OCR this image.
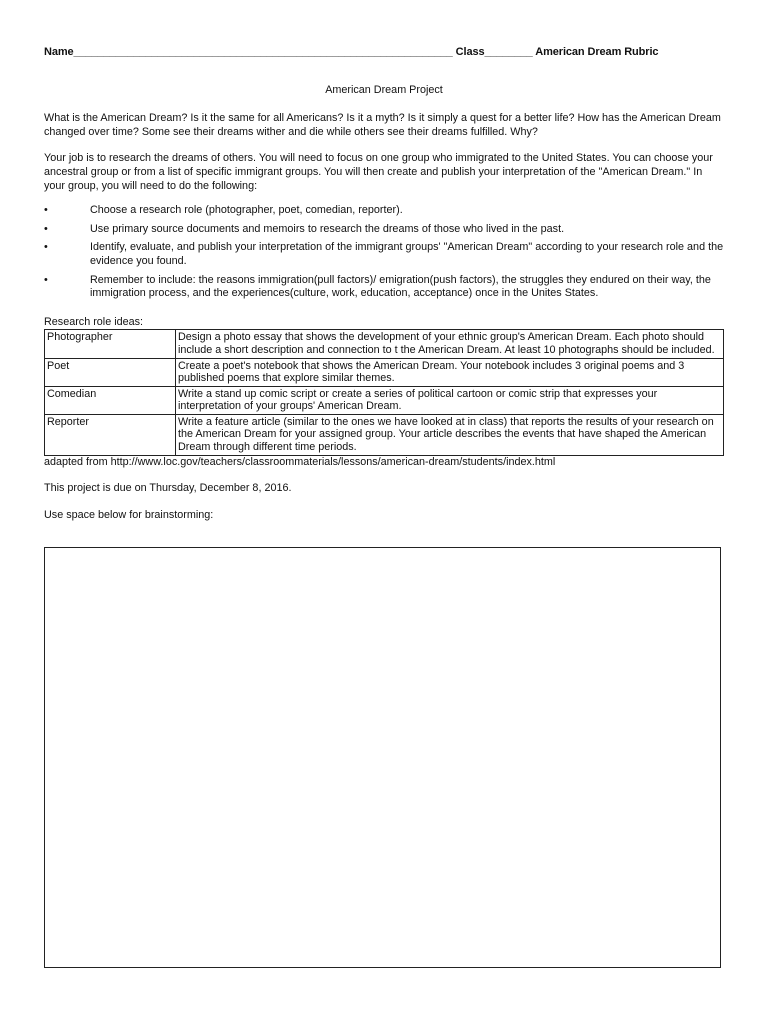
Name_______________________________________________________________ Class________ American Dream Rubric
American Dream Project
What is the American Dream? Is it the same for all Americans? Is it a myth? Is it simply a quest for a better life? How has the American Dream changed over time? Some see their dreams wither and die while others see their dreams fulfilled. Why?
Your job is to research the dreams of others. You will need to focus on one group who immigrated to the United States. You can choose your ancestral group or from a list of specific immigrant groups. You will then create and publish your interpretation of the "American Dream." In your group, you will need to do the following:
•	Choose a research role (photographer, poet, comedian, reporter).
•	Use primary source documents and memoirs to research the dreams of those who lived in the past.
•	Identify, evaluate, and publish your interpretation of the immigrant groups' "American Dream" according to your research role and the evidence you found.
•	Remember to include: the reasons immigration(pull factors)/ emigration(push factors), the struggles they endured on their way, the immigration process, and the experiences(culture, work, education, acceptance) once in the Unites States.
Research role ideas:
Photographer	Design a photo essay that shows the development of your ethnic group's American Dream. Each photo should include a short description and connection to t the American Dream. At least 10 photographs should be included.
Poet	Create a poet's notebook that shows the American Dream. Your notebook includes 3 original poems and 3 published poems that explore similar themes.
Comedian	Write a stand up comic script or create a series of political cartoon or comic strip that expresses your interpretation of your groups' American Dream.
Reporter	Write a feature article (similar to the ones we have looked at in class) that reports the results of your research on the American Dream for your assigned group. Your article describes the events that have shaped the American Dream through different time periods.
adapted from http://www.loc.gov/teachers/classroommaterials/lessons/american-dream/students/index.html
This project is due on Thursday, December 8, 2016.
Use space below for brainstorming:
